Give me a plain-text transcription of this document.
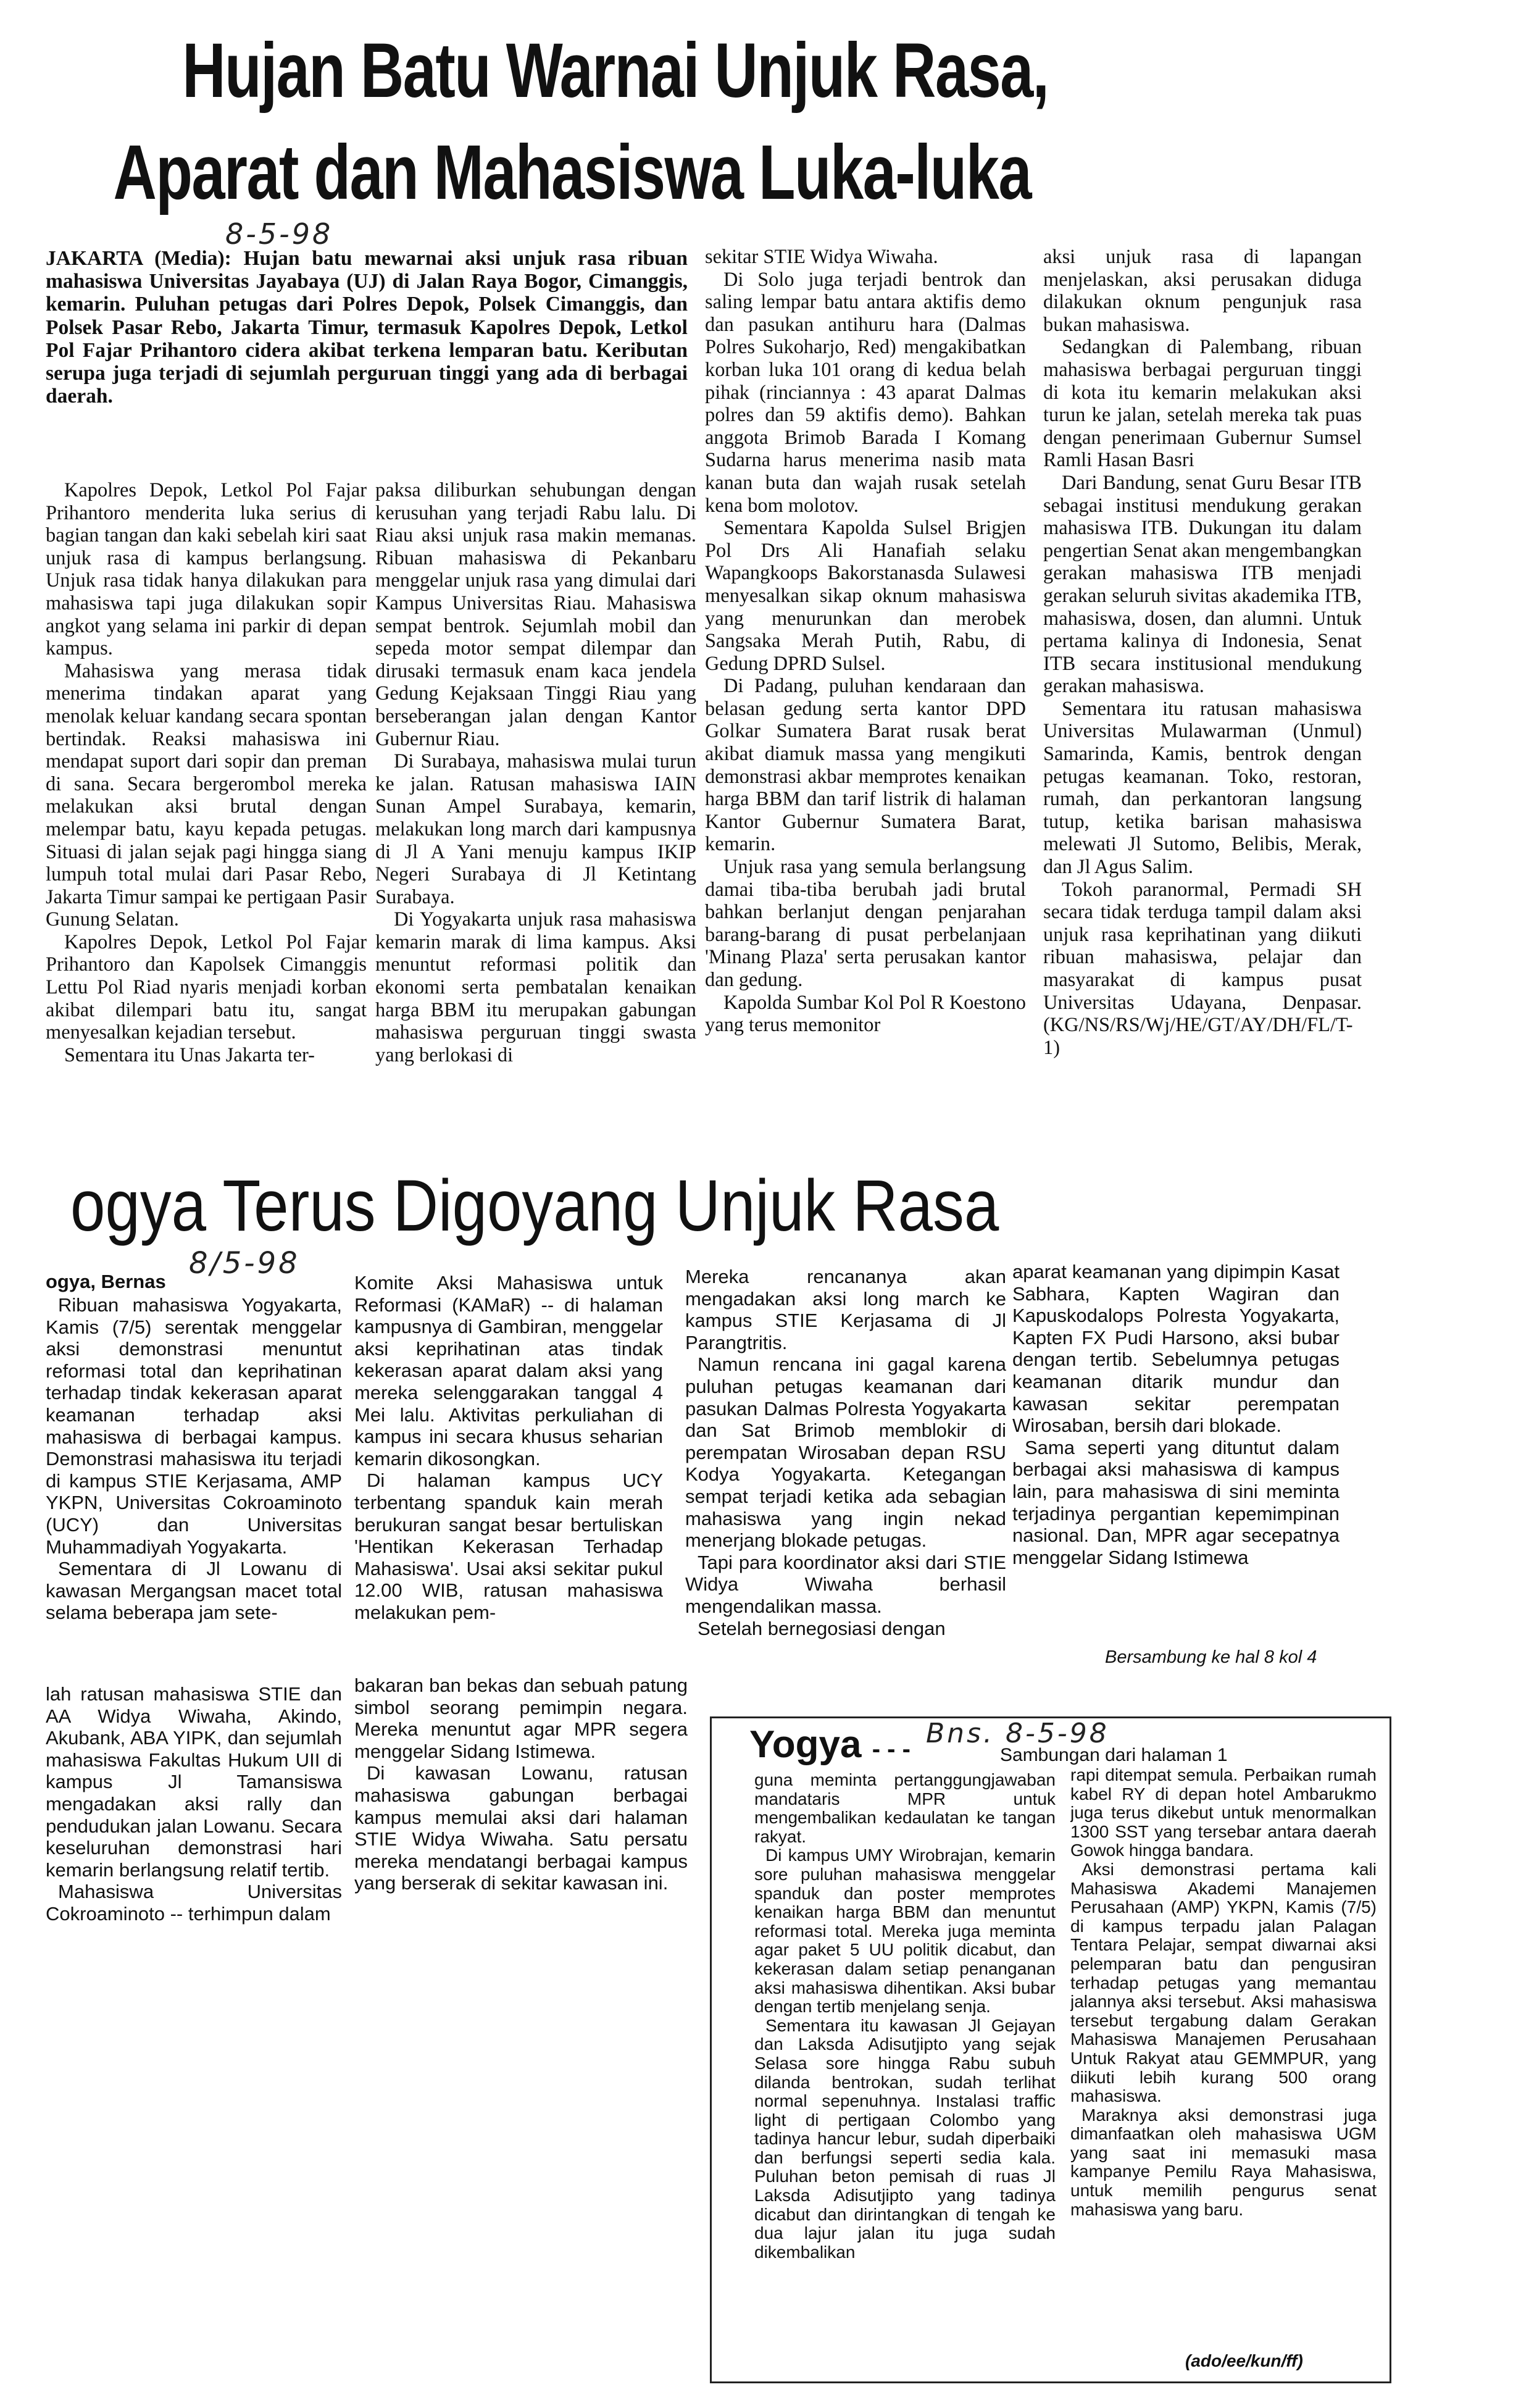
Hujan Batu Warnai Unjuk Rasa,
Aparat dan Mahasiswa Luka-luka
8-5-98
JAKARTA (Media): Hujan batu mewarnai aksi unjuk rasa ribuan mahasiswa Universitas Jayabaya (UJ) di Jalan Raya Bogor, Cimanggis, kemarin. Puluhan petugas dari Polres Depok, Polsek Cimanggis, dan Polsek Pasar Rebo, Jakarta Timur, termasuk Kapolres Depok, Letkol Pol Fajar Prihantoro cidera akibat terkena lemparan batu. Keributan serupa juga terjadi di sejumlah perguruan tinggi yang ada di berbagai daerah.

Kapolres Depok, Letkol Pol Fajar Prihantoro menderita luka serius di bagian tangan dan kaki sebelah kiri saat unjuk rasa di kampus berlangsung. Unjuk rasa tidak hanya dilakukan para mahasiswa tapi juga dilakukan sopir angkot yang selama ini parkir di depan kampus.

Mahasiswa yang merasa tidak menerima tindakan aparat yang menolak keluar kandang secara spontan bertindak. Reaksi mahasiswa ini mendapat suport dari sopir dan preman di sana. Secara bergerombol mereka melakukan aksi brutal dengan melempar batu, kayu kepada petugas. Situasi di jalan sejak pagi hingga siang lumpuh total mulai dari Pasar Rebo, Jakarta Timur sampai ke pertigaan Pasir Gunung Selatan.

Kapolres Depok, Letkol Pol Fajar Prihantoro dan Kapolsek Cimanggis Lettu Pol Riad nyaris menjadi korban akibat dilempari batu itu, sangat menyesalkan kejadian tersebut.

Sementara itu Unas Jakarta ter-

paksa diliburkan sehubungan dengan kerusuhan yang terjadi Rabu lalu. Di Riau aksi unjuk rasa makin memanas. Ribuan mahasiswa di Pekanbaru menggelar unjuk rasa yang dimulai dari Kampus Universitas Riau. Mahasiswa sempat bentrok. Sejumlah mobil dan sepeda motor sempat dilempar dan dirusaki termasuk enam kaca jendela Gedung Kejaksaan Tinggi Riau yang berseberangan jalan dengan Kantor Gubernur Riau.

Di Surabaya, mahasiswa mulai turun ke jalan. Ratusan mahasiswa IAIN Sunan Ampel Surabaya, kemarin, melakukan long march dari kampusnya di Jl A Yani menuju kampus IKIP Negeri Surabaya di Jl Ketintang Surabaya.

Di Yogyakarta unjuk rasa mahasiswa kemarin marak di lima kampus. Aksi menuntut reformasi politik dan ekonomi serta pembatalan kenaikan harga BBM itu merupakan gabungan mahasiswa perguruan tinggi swasta yang berlokasi di

sekitar STIE Widya Wiwaha.

Di Solo juga terjadi bentrok dan saling lempar batu antara aktifis demo dan pasukan antihuru hara (Dalmas Polres Sukoharjo, Red) mengakibatkan korban luka 101 orang di kedua belah pihak (rinciannya : 43 aparat Dalmas polres dan 59 aktifis demo). Bahkan anggota Brimob Barada I Komang Sudarna harus menerima nasib mata kanan buta dan wajah rusak setelah kena bom molotov.

Sementara Kapolda Sulsel Brigjen Pol Drs Ali Hanafiah selaku Wapangkoops Bakorstanasda Sulawesi menyesalkan sikap oknum mahasiswa yang menurunkan dan merobek Sangsaka Merah Putih, Rabu, di Gedung DPRD Sulsel.

Di Padang, puluhan kendaraan dan belasan gedung serta kantor DPD Golkar Sumatera Barat rusak berat akibat diamuk massa yang mengikuti demonstrasi akbar memprotes kenaikan harga BBM dan tarif listrik di halaman Kantor Gubernur Sumatera Barat, kemarin.

Unjuk rasa yang semula berlangsung damai tiba-tiba berubah jadi brutal bahkan berlanjut dengan penjarahan barang-barang di pusat perbelanjaan 'Minang Plaza' serta perusakan kantor dan gedung.

Kapolda Sumbar Kol Pol R Koestono yang terus memonitor

aksi unjuk rasa di lapangan menjelaskan, aksi perusakan diduga dilakukan oknum pengunjuk rasa bukan mahasiswa.

Sedangkan di Palembang, ribuan mahasiswa berbagai perguruan tinggi di kota itu kemarin melakukan aksi turun ke jalan, setelah mereka tak puas dengan penerimaan Gubernur Sumsel Ramli Hasan Basri

Dari Bandung, senat Guru Besar ITB sebagai institusi mendukung gerakan mahasiswa ITB. Dukungan itu dalam pengertian Senat akan mengembangkan gerakan mahasiswa ITB menjadi gerakan seluruh sivitas akademika ITB, mahasiswa, dosen, dan alumni. Untuk pertama kalinya di Indonesia, Senat ITB secara institusional mendukung gerakan mahasiswa.

Sementara itu ratusan mahasiswa Universitas Mulawarman (Unmul) Samarinda, Kamis, bentrok dengan petugas keamanan. Toko, restoran, rumah, dan perkantoran langsung tutup, ketika barisan mahasiswa melewati Jl Sutomo, Belibis, Merak, dan Jl Agus Salim.

Tokoh paranormal, Permadi SH secara tidak terduga tampil dalam aksi unjuk rasa keprihatinan yang diikuti ribuan mahasiswa, pelajar dan masyarakat di kampus pusat Universitas Udayana, Denpasar. (KG/NS/RS/Wj/HE/GT/AY/DH/FL/T-1)

ogya Terus Digoyang Unjuk Rasa
ogya, Bernas
8/5-98

Ribuan mahasiswa Yogyakarta, Kamis (7/5) serentak menggelar aksi demonstrasi menuntut reformasi total dan keprihatinan terhadap tindak kekerasan aparat keamanan terhadap aksi mahasiswa di berbagai kampus. Demonstrasi mahasiswa itu terjadi di kampus STIE Kerjasama, AMP YKPN, Universitas Cokroaminoto (UCY) dan Universitas Muhammadiyah Yogyakarta.

Sementara di Jl Lowanu di kawasan Mergangsan macet total selama beberapa jam sete-

Komite Aksi Mahasiswa untuk Reformasi (KAMaR) -- di halaman kampusnya di Gambiran, menggelar aksi keprihatinan atas tindak kekerasan aparat dalam aksi yang mereka selenggarakan tanggal 4 Mei lalu. Aktivitas perkuliahan di kampus ini secara khusus seharian kemarin dikosongkan.

Di halaman kampus UCY terbentang spanduk kain merah berukuran sangat besar bertuliskan 'Hentikan Kekerasan Terhadap Mahasiswa'. Usai aksi sekitar pukul 12.00 WIB, ratusan mahasiswa melakukan pem-

Mereka rencananya akan mengadakan aksi long march ke kampus STIE Kerjasama di Jl Parangtritis.

Namun rencana ini gagal karena puluhan petugas keamanan dari pasukan Dalmas Polresta Yogyakarta dan Sat Brimob memblokir di perempatan Wirosaban depan RSU Kodya Yogyakarta. Ketegangan sempat terjadi ketika ada sebagian mahasiswa yang ingin nekad menerjang blokade petugas.

Tapi para koordinator aksi dari STIE Widya Wiwaha berhasil mengendalikan massa.

Setelah bernegosiasi dengan

aparat keamanan yang dipimpin Kasat Sabhara, Kapten Wagiran dan Kapuskodalops Polresta Yogyakarta, Kapten FX Pudi Harsono, aksi bubar dengan tertib. Sebelumnya petugas keamanan ditarik mundur dan kawasan sekitar perempatan Wirosaban, bersih dari blokade.

Sama seperti yang dituntut dalam berbagai aksi mahasiswa di kampus lain, para mahasiswa di sini meminta terjadinya pergantian kepemimpinan nasional. Dan, MPR agar secepatnya menggelar Sidang Istimewa

Bersambung ke hal 8 kol 4

lah ratusan mahasiswa STIE dan AA Widya Wiwaha, Akindo, Akubank, ABA YIPK, dan sejumlah mahasiswa Fakultas Hukum UII di kampus Jl Tamansiswa mengadakan aksi rally dan pendudukan jalan Lowanu. Secara keseluruhan demonstrasi hari kemarin berlangsung relatif tertib.

Mahasiswa Universitas Cokroaminoto -- terhimpun dalam

bakaran ban bekas dan sebuah patung simbol seorang pemimpin negara. Mereka menuntut agar MPR segera menggelar Sidang Istimewa.

Di kawasan Lowanu, ratusan mahasiswa gabungan berbagai kampus memulai aksi dari halaman STIE Widya Wiwaha. Satu persatu mereka mendatangi berbagai kampus yang berserak di sekitar kawasan ini.

Yogya - - - Bns. 8-5-98
Sambungan dari halaman 1

guna meminta pertanggungjawaban mandataris MPR untuk mengembalikan kedaulatan ke tangan rakyat.

Di kampus UMY Wirobrajan, kemarin sore puluhan mahasiswa menggelar spanduk dan poster memprotes kenaikan harga BBM dan menuntut reformasi total. Mereka juga meminta agar paket 5 UU politik dicabut, dan kekerasan dalam setiap penanganan aksi mahasiswa dihentikan. Aksi bubar dengan tertib menjelang senja.

Sementara itu kawasan Jl Gejayan dan Laksda Adisutjipto yang sejak Selasa sore hingga Rabu subuh dilanda bentrokan, sudah terlihat normal sepenuhnya. Instalasi traffic light di pertigaan Colombo yang tadinya hancur lebur, sudah diperbaiki dan berfungsi seperti sedia kala. Puluhan beton pemisah di ruas Jl Laksda Adisutjipto yang tadinya dicabut dan dirintangkan di tengah ke dua lajur jalan itu juga sudah dikembalikan

rapi ditempat semula. Perbaikan rumah kabel RY di depan hotel Ambarukmo juga terus dikebut untuk menormalkan 1300 SST yang tersebar antara daerah Gowok hingga bandara.

Aksi demonstrasi pertama kali Mahasiswa Akademi Manajemen Perusahaan (AMP) YKPN, Kamis (7/5) di kampus terpadu jalan Palagan Tentara Pelajar, sempat diwarnai aksi pelemparan batu dan pengusiran terhadap petugas yang memantau jalannya aksi tersebut. Aksi mahasiswa tersebut tergabung dalam Gerakan Mahasiswa Manajemen Perusahaan Untuk Rakyat atau GEMMPUR, yang diikuti lebih kurang 500 orang mahasiswa.

Maraknya aksi demonstrasi juga dimanfaatkan oleh mahasiswa UGM yang saat ini memasuki masa kampanye Pemilu Raya Mahasiswa, untuk memilih pengurus senat mahasiswa yang baru.

(ado/ee/kun/ff)
